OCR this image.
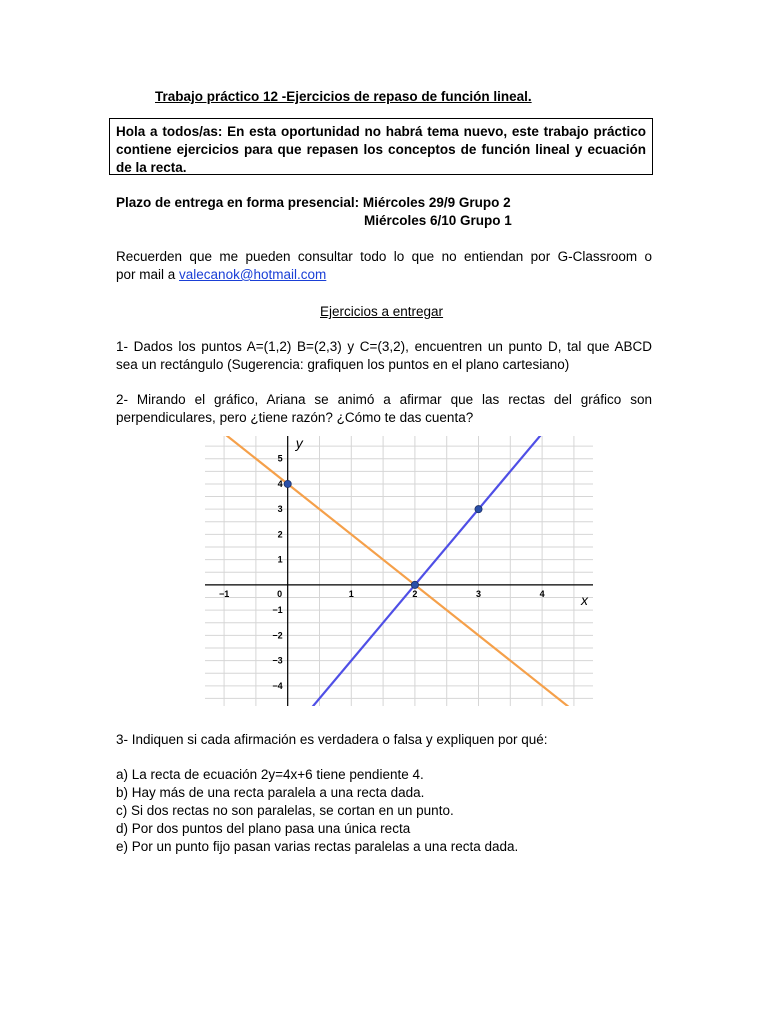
Trabajo práctico 12 -Ejercicios de repaso de función lineal.
Hola a todos/as: En esta oportunidad no habrá tema nuevo, este trabajo práctico contiene ejercicios para que repasen los conceptos de función lineal y ecuación de la recta.
Plazo de entrega en forma presencial: Miércoles 29/9 Grupo 2
Miércoles 6/10 Grupo 1
Recuerden que me pueden consultar todo lo que no entiendan por G-Classroom o
por mail a valecanok@hotmail.com
Ejercicios a entregar
1- Dados los puntos A=(1,2) B=(2,3) y C=(3,2), encuentren un punto D, tal que ABCD
sea un rectángulo (Sugerencia: grafiquen los puntos en el plano cartesiano)
2- Mirando el gráfico, Ariana se animó a afirmar que las rectas del gráfico son
perpendiculares, pero ¿tiene razón? ¿Cómo te das cuenta?
−1	0	1	2	3	4
−4
−3
−2
−1
1
2
3
4
5
x
y
3- Indiquen si cada afirmación es verdadera o falsa y expliquen por qué:
a) La recta de ecuación 2y=4x+6 tiene pendiente 4.
b) Hay más de una recta paralela a una recta dada.
c) Si dos rectas no son paralelas, se cortan en un punto.
d) Por dos puntos del plano pasa una única recta
e) Por un punto fijo pasan varias rectas paralelas a una recta dada.
